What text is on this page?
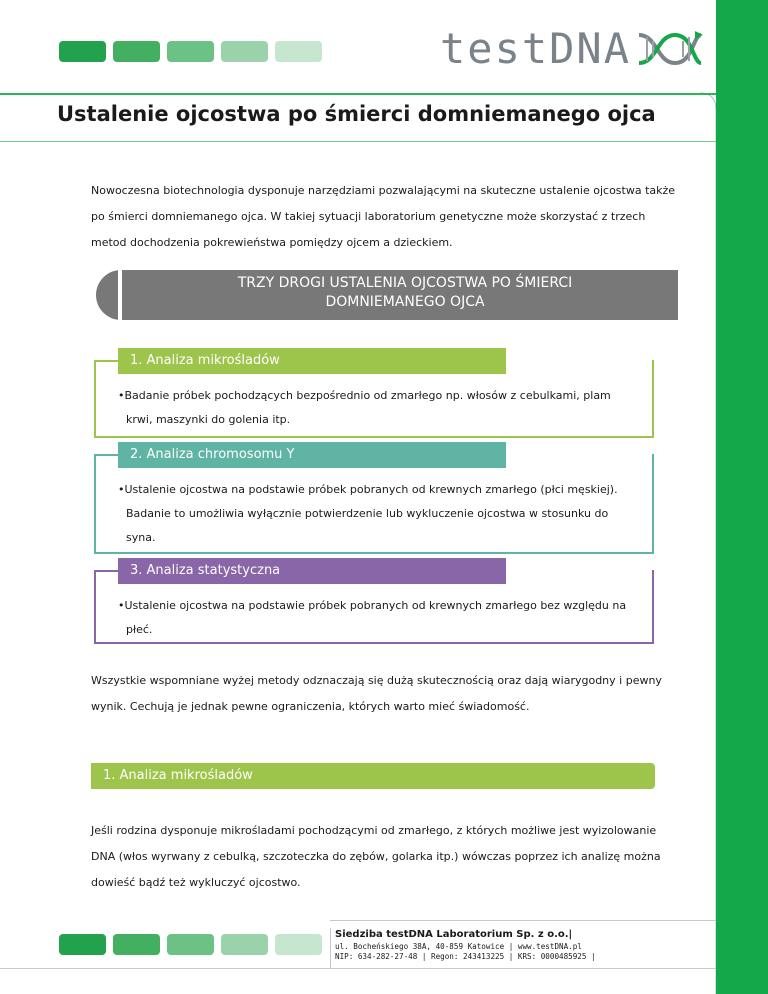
testDNA
Ustalenie ojcostwa po śmierci domniemanego ojca

Nowoczesna biotechnologia dysponuje narzędziami pozwalającymi na skuteczne ustalenie ojcostwa także po śmierci domniemanego ojca. W takiej sytuacji laboratorium genetyczne może skorzystać z trzech metod dochodzenia pokrewieństwa pomiędzy ojcem a dzieckiem.

TRZY DROGI USTALENIA OJCOSTWA PO ŚMIERCI
DOMNIEMANEGO OJCA
1. Analiza mikrośladów
•Badanie próbek pochodzących bezpośrednio od zmarłego np. włosów z cebulkami, plam krwi, maszynki do golenia itp.
2. Analiza chromosomu Y
•Ustalenie ojcostwa na podstawie próbek pobranych od krewnych zmarłego (płci męskiej). Badanie to umożliwia wyłącznie potwierdzenie lub wykluczenie ojcostwa w stosunku do syna.
3. Analiza statystyczna
•Ustalenie ojcostwa na podstawie próbek pobranych od krewnych zmarłego bez względu na płeć.

Wszystkie wspomniane wyżej metody odznaczają się dużą skutecznością oraz dają wiarygodny i pewny wynik. Cechują je jednak pewne ograniczenia, których warto mieć świadomość.

1. Analiza mikrośladów

Jeśli rodzina dysponuje mikrośladami pochodzącymi od zmarłego, z których możliwe jest wyizolowanie DNA (włos wyrwany z cebulką, szczoteczka do zębów, golarka itp.) wówczas poprzez ich analizę można dowieść bądź też wykluczyć ojcostwo.

Siedziba testDNA Laboratorium Sp. z o.o.|
ul. Bocheńskiego 38A, 40-859 Katowice | www.testDNA.pl
NIP: 634-282-27-48 | Regon: 243413225 | KRS: 0000485925 |
